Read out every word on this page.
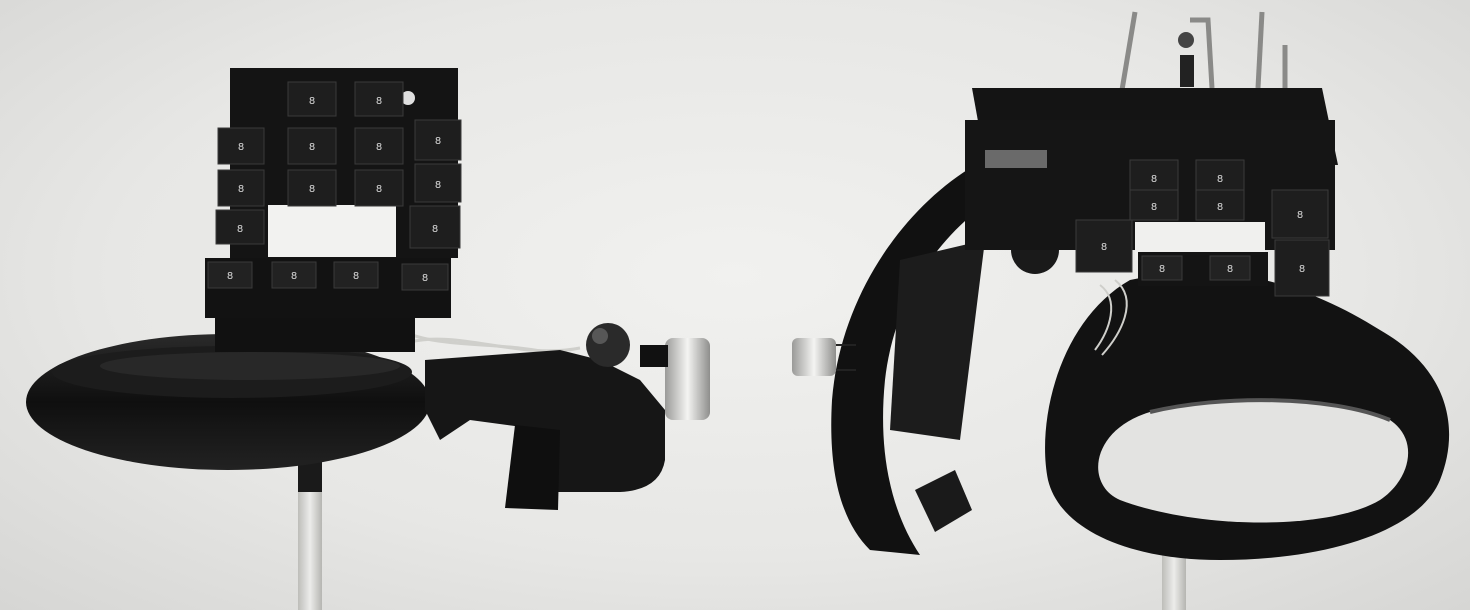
8	8
8	8	8
8
8	8	8	8
8	8
8	8	8	8
8	8
8	8
8
8
8
8	8
